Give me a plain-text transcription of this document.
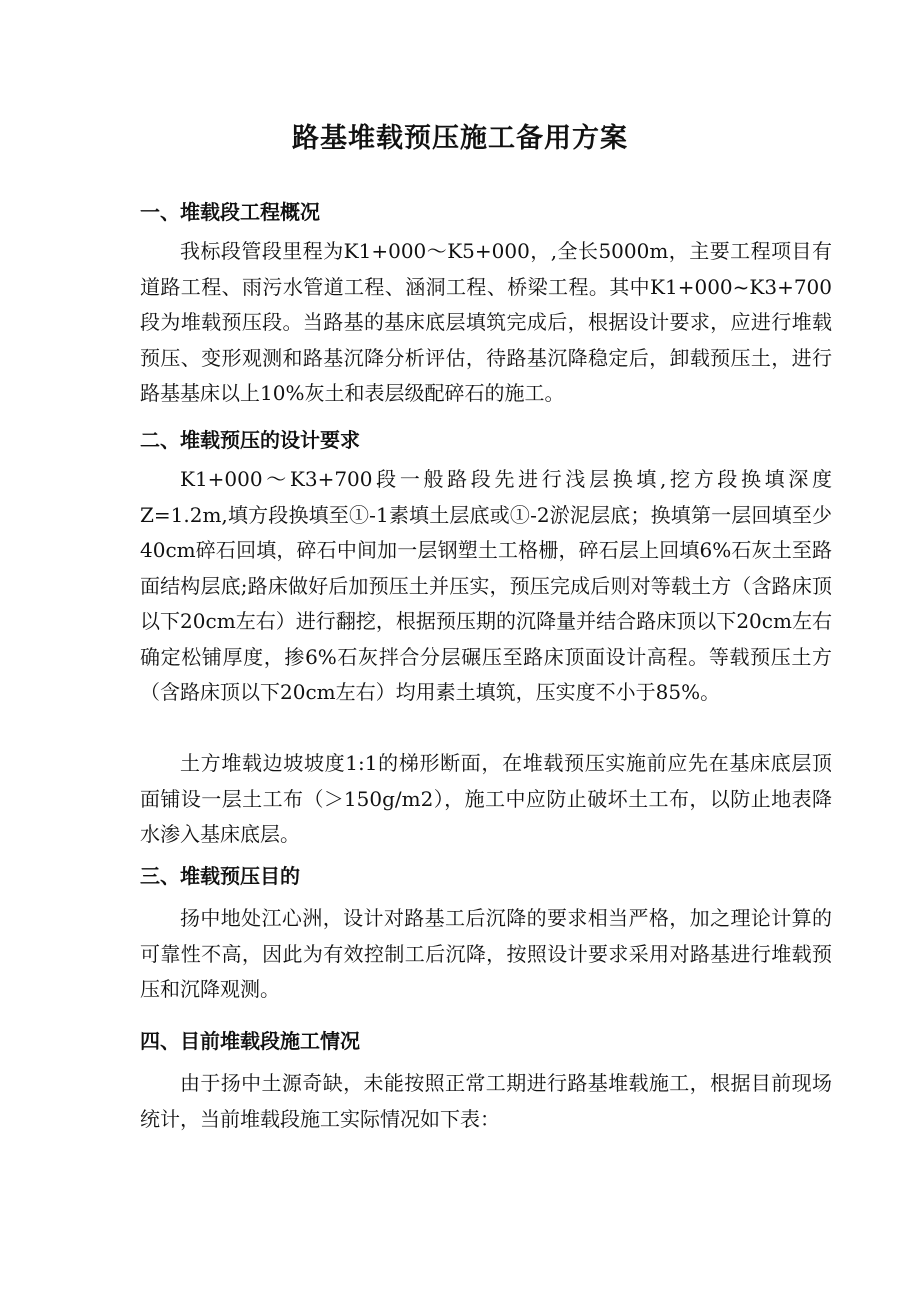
路基堆载预压施工备用方案
一、堆载段工程概况

我标段管段里程为K1+000～K5+000，,全长5000m，主要工程项目有道路工程、雨污水管道工程、涵洞工程、桥梁工程。其中K1+000~K3+700段为堆载预压段。当路基的基床底层填筑完成后，根据设计要求，应进行堆载预压、变形观测和路基沉降分析评估，待路基沉降稳定后，卸载预压土，进行路基基床以上10%灰土和表层级配碎石的施工。

二、堆载预压的设计要求

K1+000～K3+700段一般路段先进行浅层换填,挖方段换填深度Z=1.2m,填方段换填至①-1素填土层底或①-2淤泥层底；换填第一层回填至少40cm碎石回填，碎石中间加一层钢塑土工格栅，碎石层上回填6%石灰土至路面结构层底;路床做好后加预压土并压实，预压完成后则对等载土方（含路床顶以下20cm左右）进行翻挖，根据预压期的沉降量并结合路床顶以下20cm左右确定松铺厚度，掺6%石灰拌合分层碾压至路床顶面设计高程。等载预压土方（含路床顶以下20cm左右）均用素土填筑，压实度不小于85%。

土方堆载边坡坡度1:1的梯形断面，在堆载预压实施前应先在基床底层顶面铺设一层土工布（＞150g/m2），施工中应防止破坏土工布，以防止地表降水渗入基床底层。

三、堆载预压目的

扬中地处江心洲，设计对路基工后沉降的要求相当严格，加之理论计算的可靠性不高，因此为有效控制工后沉降，按照设计要求采用对路基进行堆载预压和沉降观测。

四、目前堆载段施工情况

由于扬中土源奇缺，未能按照正常工期进行路基堆载施工，根据目前现场统计，当前堆载段施工实际情况如下表：
